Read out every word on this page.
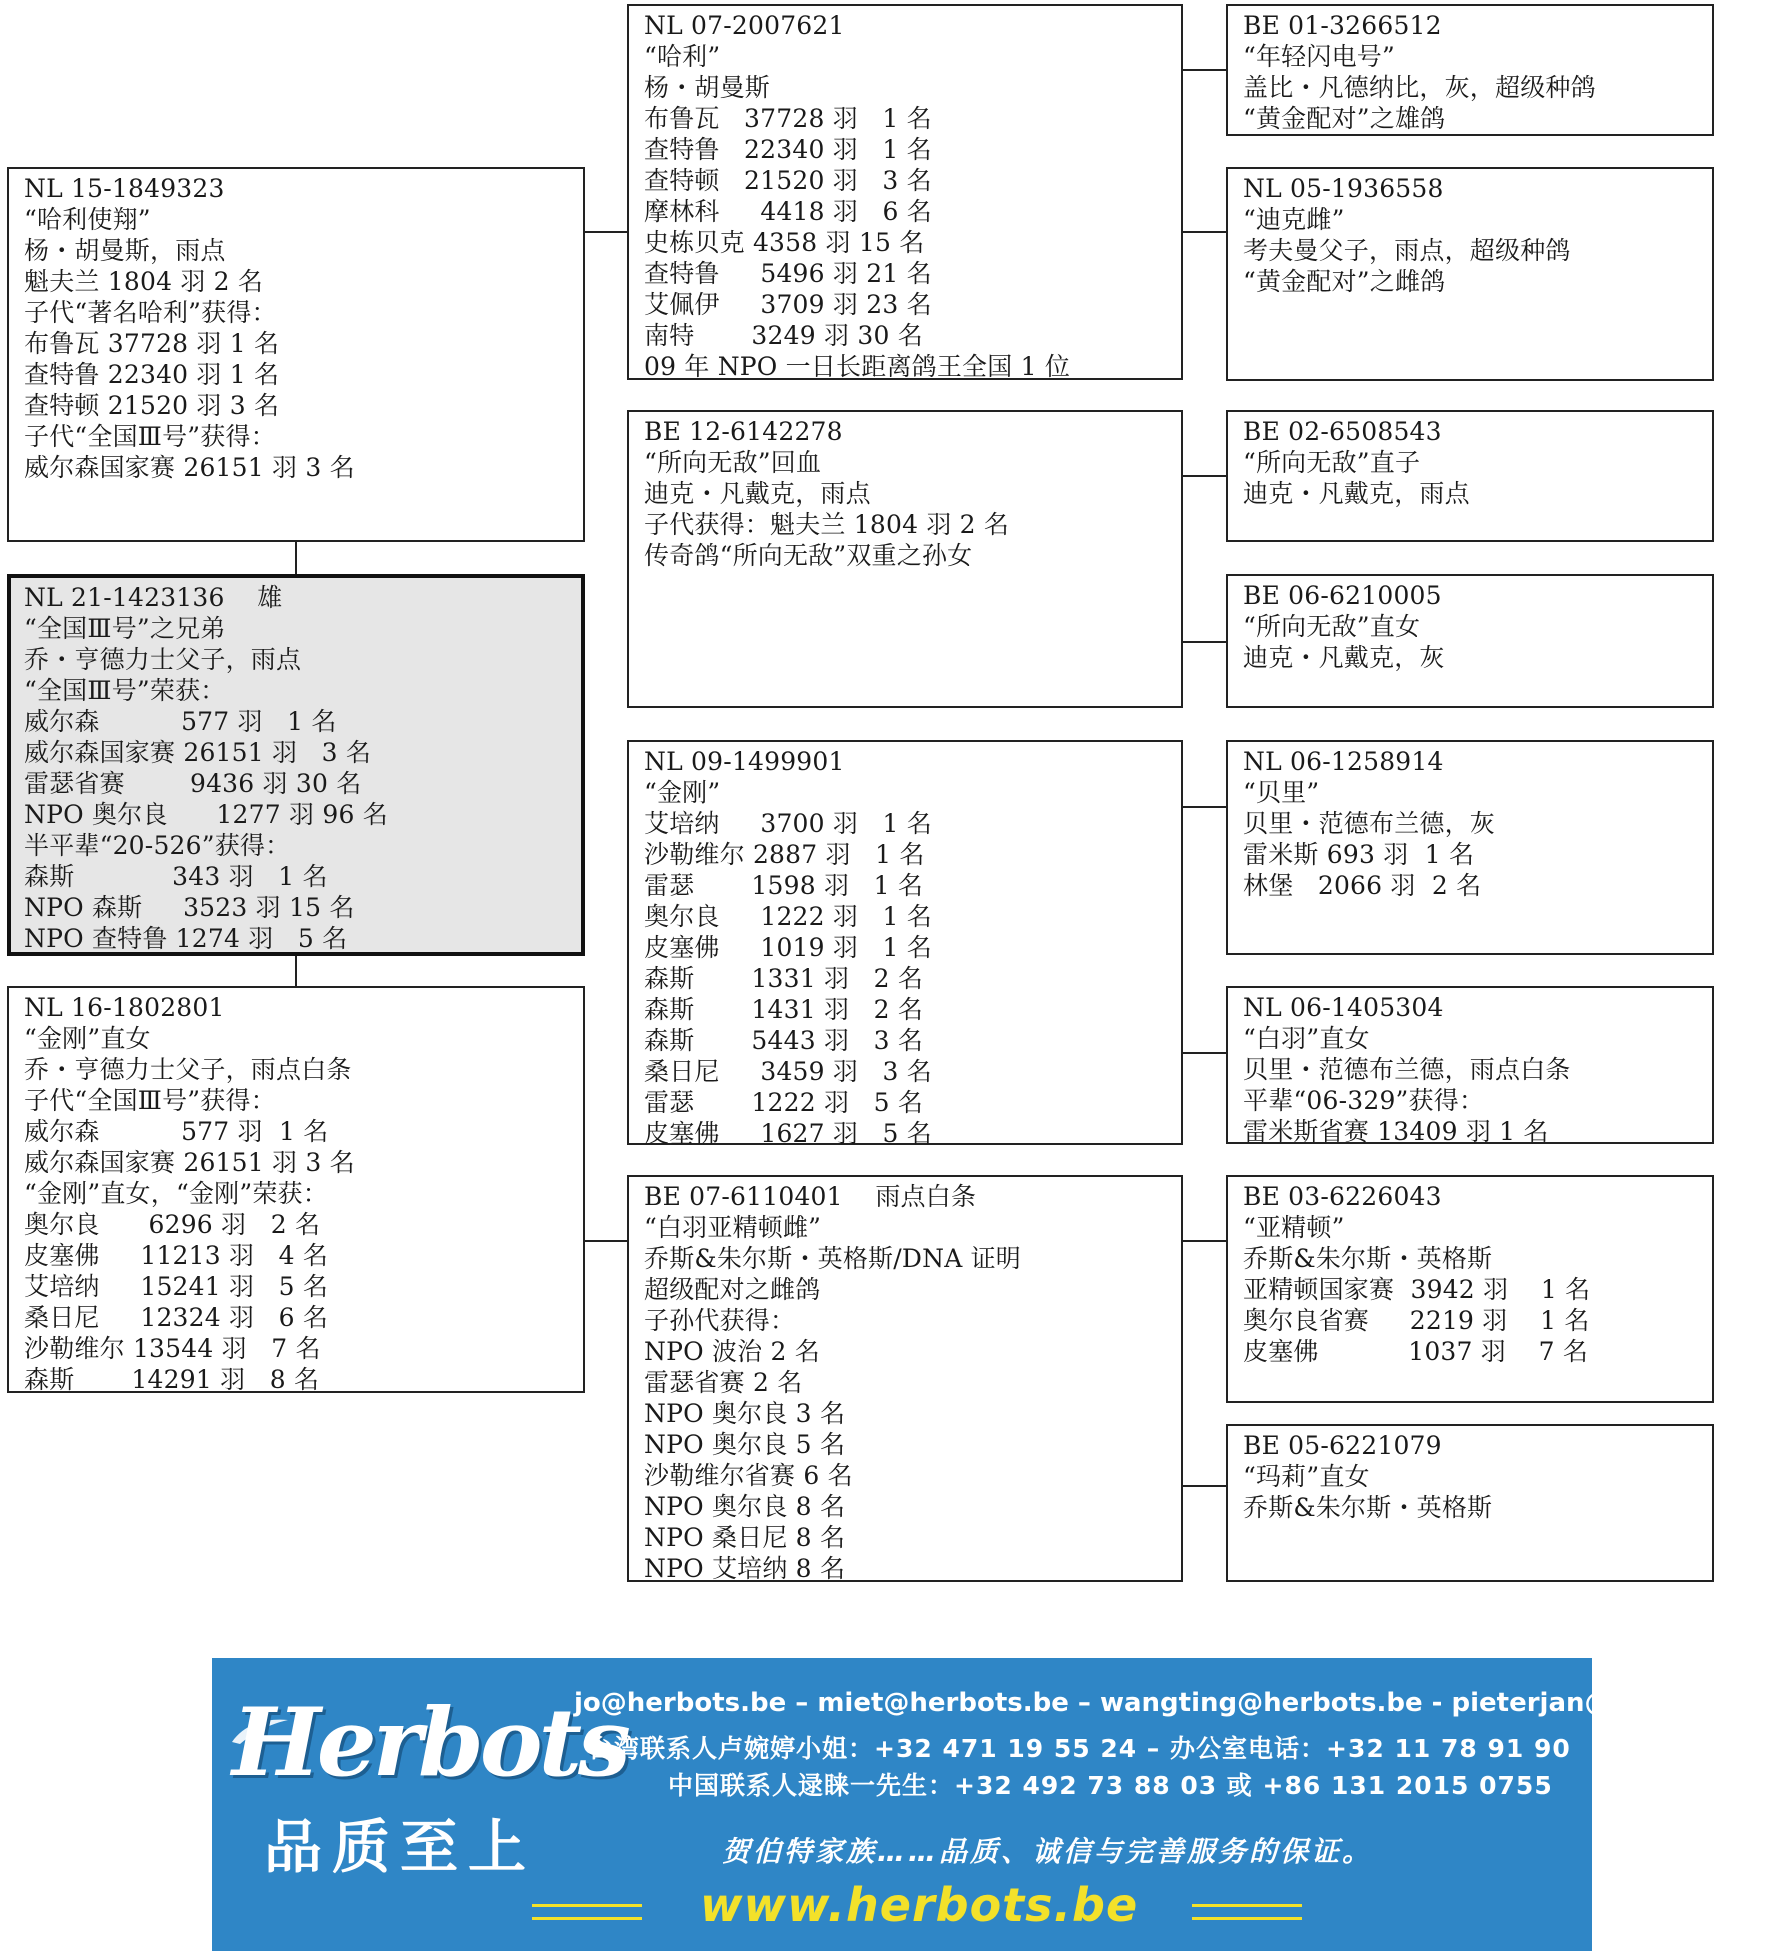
NL 15-1849323
“哈利使翔”
杨・胡曼斯，雨点
魁夫兰 1804 羽 2 名
子代“著名哈利”获得：
布鲁瓦 37728 羽 1 名
查特鲁 22340 羽 1 名
查特顿 21520 羽 3 名
子代“全国Ⅲ号”获得：
威尔森国家赛 26151 羽 3 名
NL 21-1423136    雄
“全国Ⅲ号”之兄弟
乔・亨德力士父子，雨点
“全国Ⅲ号”荣获：
威尔森          577 羽   1 名
威尔森国家赛 26151 羽   3 名
雷瑟省赛        9436 羽 30 名
NPO 奥尔良      1277 羽 96 名
半平辈“20-526”获得：
森斯            343 羽   1 名
NPO 森斯     3523 羽 15 名
NPO 查特鲁 1274 羽   5 名
NL 16-1802801
“金刚”直女
乔・亨德力士父子，雨点白条
子代“全国Ⅲ号”获得：
威尔森          577 羽  1 名
威尔森国家赛 26151 羽 3 名
“金刚”直女，“金刚”荣获：
奥尔良      6296 羽   2 名
皮塞佛     11213 羽   4 名
艾培纳     15241 羽   5 名
桑日尼     12324 羽   6 名
沙勒维尔 13544 羽   7 名
森斯       14291 羽   8 名
NL 07-2007621
“哈利”
杨・胡曼斯
布鲁瓦   37728 羽   1 名
查特鲁   22340 羽   1 名
查特顿   21520 羽   3 名
摩林科     4418 羽   6 名
史栋贝克 4358 羽 15 名
查特鲁     5496 羽 21 名
艾佩伊     3709 羽 23 名
南特       3249 羽 30 名
09 年 NPO 一日长距离鸽王全国 1 位
BE 12-6142278
“所向无敌”回血
迪克・凡戴克，雨点
子代获得：魁夫兰 1804 羽 2 名
传奇鸽“所向无敌”双重之孙女
NL 09-1499901
“金刚”
艾培纳     3700 羽   1 名
沙勒维尔 2887 羽   1 名
雷瑟       1598 羽   1 名
奥尔良     1222 羽   1 名
皮塞佛     1019 羽   1 名
森斯       1331 羽   2 名
森斯       1431 羽   2 名
森斯       5443 羽   3 名
桑日尼     3459 羽   3 名
雷瑟       1222 羽   5 名
皮塞佛     1627 羽   5 名
BE 07-6110401    雨点白条
“白羽亚精顿雌”
乔斯&朱尔斯・英格斯/DNA 证明
超级配对之雌鸽
子孙代获得：
NPO 波治 2 名
雷瑟省赛 2 名
NPO 奥尔良 3 名
NPO 奥尔良 5 名
沙勒维尔省赛 6 名
NPO 奥尔良 8 名
NPO 桑日尼 8 名
NPO 艾培纳 8 名
BE 01-3266512
“年轻闪电号”
盖比・凡德纳比，灰，超级种鸽
“黄金配对”之雄鸽
NL 05-1936558
“迪克雌”
考夫曼父子，雨点，超级种鸽
“黄金配对”之雌鸽
BE 02-6508543
“所向无敌”直子
迪克・凡戴克，雨点
BE 06-6210005
“所向无敌”直女
迪克・凡戴克，灰
NL 06-1258914
“贝里”
贝里・范德布兰德，灰
雷米斯 693 羽  1 名
林堡   2066 羽  2 名
NL 06-1405304
“白羽”直女
贝里・范德布兰德，雨点白条
平辈“06-329”获得：
雷米斯省赛 13409 羽 1 名
BE 03-6226043
“亚精顿”
乔斯&朱尔斯・英格斯
亚精顿国家赛  3942 羽    1 名
奥尔良省赛     2219 羽    1 名
皮塞佛           1037 羽    7 名
BE 05-6221079
“玛莉”直女
乔斯&朱尔斯・英格斯
Herbots
品质至上
jo@herbots.be – miet@herbots.be – wangting@herbots.be - pieterjan@herbots.be
台湾联系人卢婉婷小姐：+32 471 19 55 24 – 办公室电话：+32 11 78 91 90
中国联系人逯睐一先生：+32 492 73 88 03 或 +86 131 2015 0755
贺伯特家族……品质、诚信与完善服务的保证。
www.herbots.be
